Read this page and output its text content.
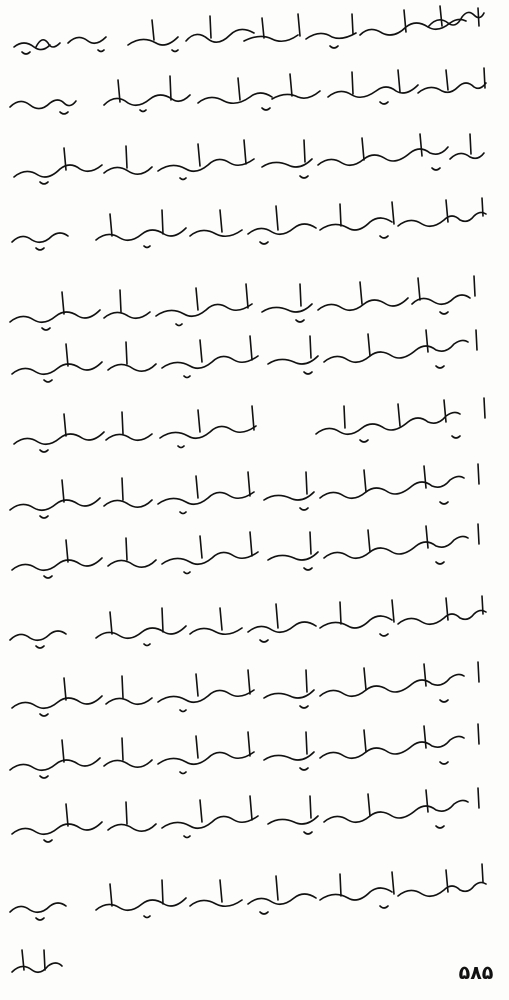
۵۸۵
